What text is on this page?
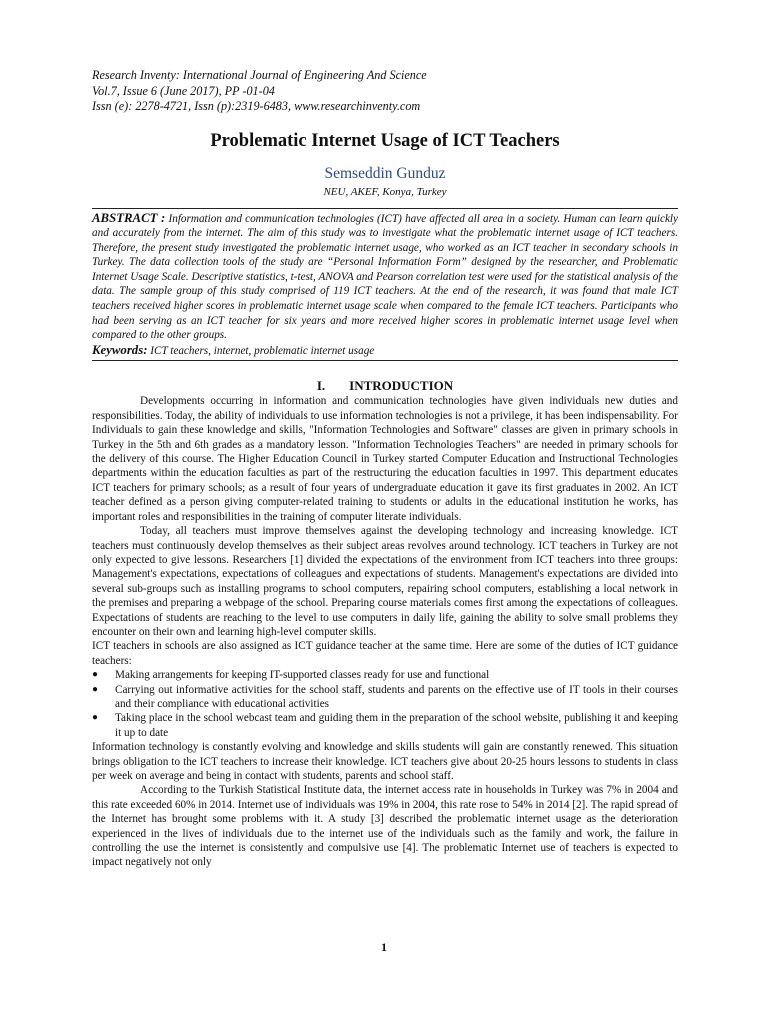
Research Inventy: International Journal of Engineering And Science
Vol.7, Issue 6 (June 2017), PP -01-04
Issn (e): 2278-4721, Issn (p):2319-6483, www.researchinventy.com
Problematic Internet Usage of ICT Teachers
Semseddin Gunduz
NEU, AKEF, Konya, Turkey

ABSTRACT : Information and communication technologies (ICT) have affected all area in a society. Human can learn quickly and accurately from the internet. The aim of this study was to investigate what the problematic internet usage of ICT teachers. Therefore, the present study investigated the problematic internet usage, who worked as an ICT teacher in secondary schools in Turkey. The data collection tools of the study are “Personal Information Form” designed by the researcher, and Problematic Internet Usage Scale. Descriptive statistics, t-test, ANOVA and Pearson correlation test were used for the statistical analysis of the data. The sample group of this study comprised of 119 ICT teachers. At the end of the research, it was found that male ICT teachers received higher scores in problematic internet usage scale when compared to the female ICT teachers. Participants who had been serving as an ICT teacher for six years and more received higher scores in problematic internet usage level when compared to the other groups.

Keywords: ICT teachers, internet, problematic internet usage

I. INTRODUCTION

Developments occurring in information and communication technologies have given individuals new duties and responsibilities. Today, the ability of individuals to use information technologies is not a privilege, it has been indispensability. For Individuals to gain these knowledge and skills, "Information Technologies and Software" classes are given in primary schools in Turkey in the 5th and 6th grades as a mandatory lesson. "Information Technologies Teachers" are needed in primary schools for the delivery of this course. The Higher Education Council in Turkey started Computer Education and Instructional Technologies departments within the education faculties as part of the restructuring the education faculties in 1997. This department educates ICT teachers for primary schools; as a result of four years of undergraduate education it gave its first graduates in 2002. An ICT teacher defined as a person giving computer-related training to students or adults in the educational institution he works, has important roles and responsibilities in the training of computer literate individuals.

Today, all teachers must improve themselves against the developing technology and increasing knowledge. ICT teachers must continuously develop themselves as their subject areas revolves around technology. ICT teachers in Turkey are not only expected to give lessons. Researchers [1] divided the expectations of the environment from ICT teachers into three groups: Management's expectations, expectations of colleagues and expectations of students. Management's expectations are divided into several sub-groups such as installing programs to school computers, repairing school computers, establishing a local network in the premises and preparing a webpage of the school. Preparing course materials comes first among the expectations of colleagues. Expectations of students are reaching to the level to use computers in daily life, gaining the ability to solve small problems they encounter on their own and learning high-level computer skills.

ICT teachers in schools are also assigned as ICT guidance teacher at the same time. Here are some of the duties of ICT guidance teachers:

● Making arrangements for keeping IT-supported classes ready for use and functional
● Carrying out informative activities for the school staff, students and parents on the effective use of IT tools in their courses and their compliance with educational activities
● Taking place in the school webcast team and guiding them in the preparation of the school website, publishing it and keeping it up to date

Information technology is constantly evolving and knowledge and skills students will gain are constantly renewed. This situation brings obligation to the ICT teachers to increase their knowledge. ICT teachers give about 20-25 hours lessons to students in class per week on average and being in contact with students, parents and school staff.

According to the Turkish Statistical Institute data, the internet access rate in households in Turkey was 7% in 2004 and this rate exceeded 60% in 2014. Internet use of individuals was 19% in 2004, this rate rose to 54% in 2014 [2]. The rapid spread of the Internet has brought some problems with it. A study [3] described the problematic internet usage as the deterioration experienced in the lives of individuals due to the internet use of the individuals such as the family and work, the failure in controlling the use the internet is consistently and compulsive use [4]. The problematic Internet use of teachers is expected to impact negatively not only

1
